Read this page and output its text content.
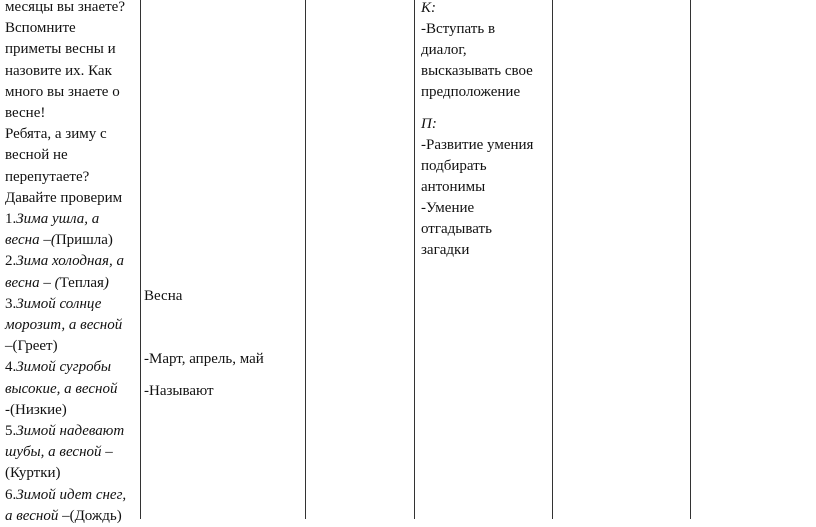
месяцы вы знаете?
Вспомните
приметы весны и
назовите их. Как
много вы знаете о
весне!
Ребята, а зиму с
весной не
перепутаете?
Давайте проверим
1.Зима ушла, а
весна –(Пришла)
2.Зима холодная, а
весна – (Теплая)
3.Зимой солнце
морозит, а весной
–(Греет)
4.Зимой сугробы
высокие, а весной
-(Низкие)
5.Зимой надевают
шубы, а весной –
(Куртки)
6.Зимой идет снег,
а весной –(Дождь)
Весна
-Март, апрель, май
-Называют
К:
-Вступать в
диалог,
высказывать свое
предположение
П:
-Развитие умения
подбирать
антонимы
-Умение
отгадывать
загадки
